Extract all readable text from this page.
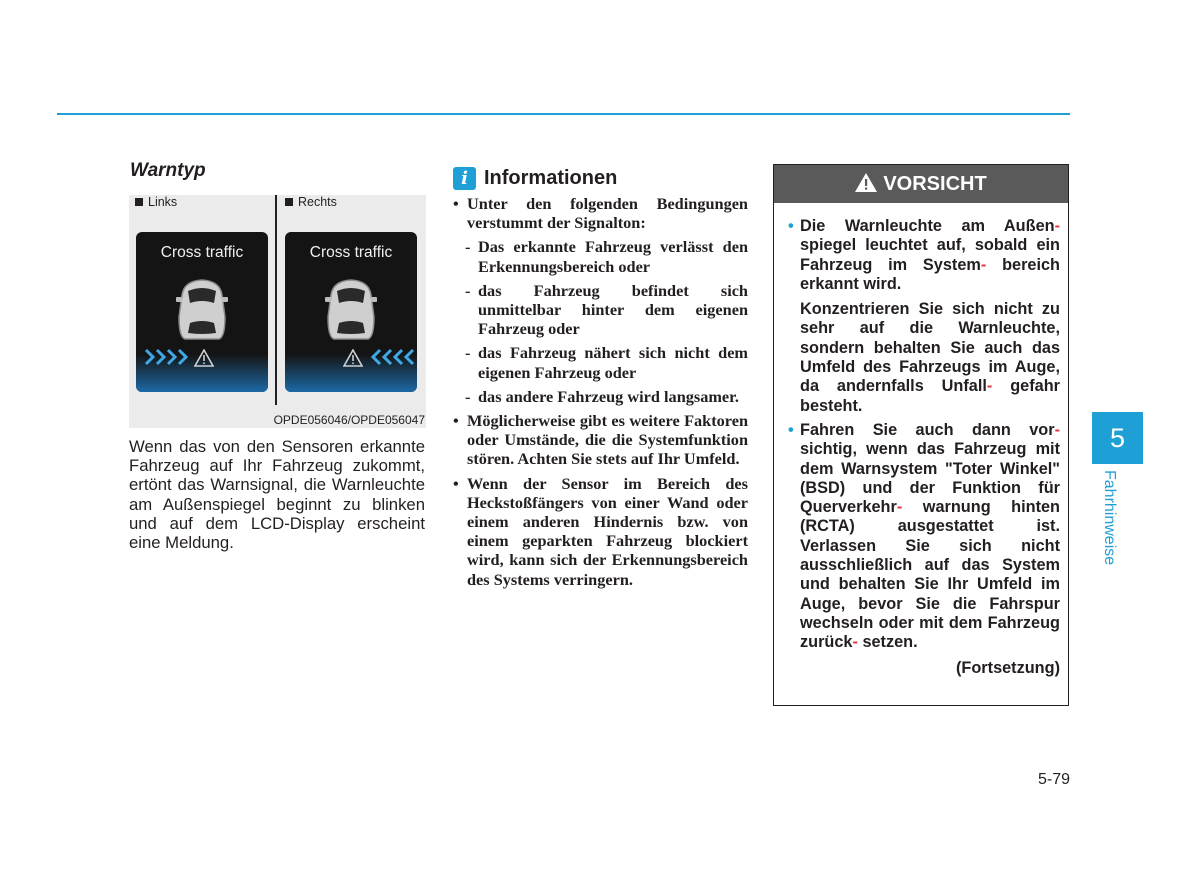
Warntyp
Links	Rechts
Cross traffic	Cross traffic
OPDE056046/OPDE056047
Wenn das von den Sensoren erkannte Fahrzeug auf Ihr Fahrzeug zukommt, ertönt das Warnsignal, die Warnleuchte am Außenspiegel beginnt zu blinken und auf dem LCD-Display erscheint eine Meldung.
i Informationen
• Unter den folgenden Bedingungen verstummt der Signalton:
- Das erkannte Fahrzeug verlässt den Erkennungsbereich oder
- das Fahrzeug befindet sich unmittelbar hinter dem eigenen Fahrzeug oder
- das Fahrzeug nähert sich nicht dem eigenen Fahrzeug oder
- das andere Fahrzeug wird langsamer.
• Möglicherweise gibt es weitere Faktoren oder Umstände, die die Systemfunktion stören. Achten Sie stets auf Ihr Umfeld.
• Wenn der Sensor im Bereich des Heckstoßfängers von einer Wand oder einem anderen Hindernis bzw. von einem geparkten Fahrzeug blockiert wird, kann sich der Erkennungsbereich des Systems verringern.
VORSICHT
• Die Warnleuchte am Außen- spiegel leuchtet auf, sobald ein Fahrzeug im System- bereich erkannt wird.
Konzentrieren Sie sich nicht zu sehr auf die Warnleuchte, sondern behalten Sie auch das Umfeld des Fahrzeugs im Auge, da andernfalls Unfall- gefahr besteht.
• Fahren Sie auch dann vor- sichtig, wenn das Fahrzeug mit dem Warnsystem "Toter Winkel" (BSD) und der Funktion für Querverkehr- warnung hinten (RCTA) ausgestattet ist. Verlassen Sie sich nicht ausschließlich auf das System und behalten Sie Ihr Umfeld im Auge, bevor Sie die Fahrspur wechseln oder mit dem Fahrzeug zurück- setzen.
(Fortsetzung)
5
Fahrhinweise
5-79
